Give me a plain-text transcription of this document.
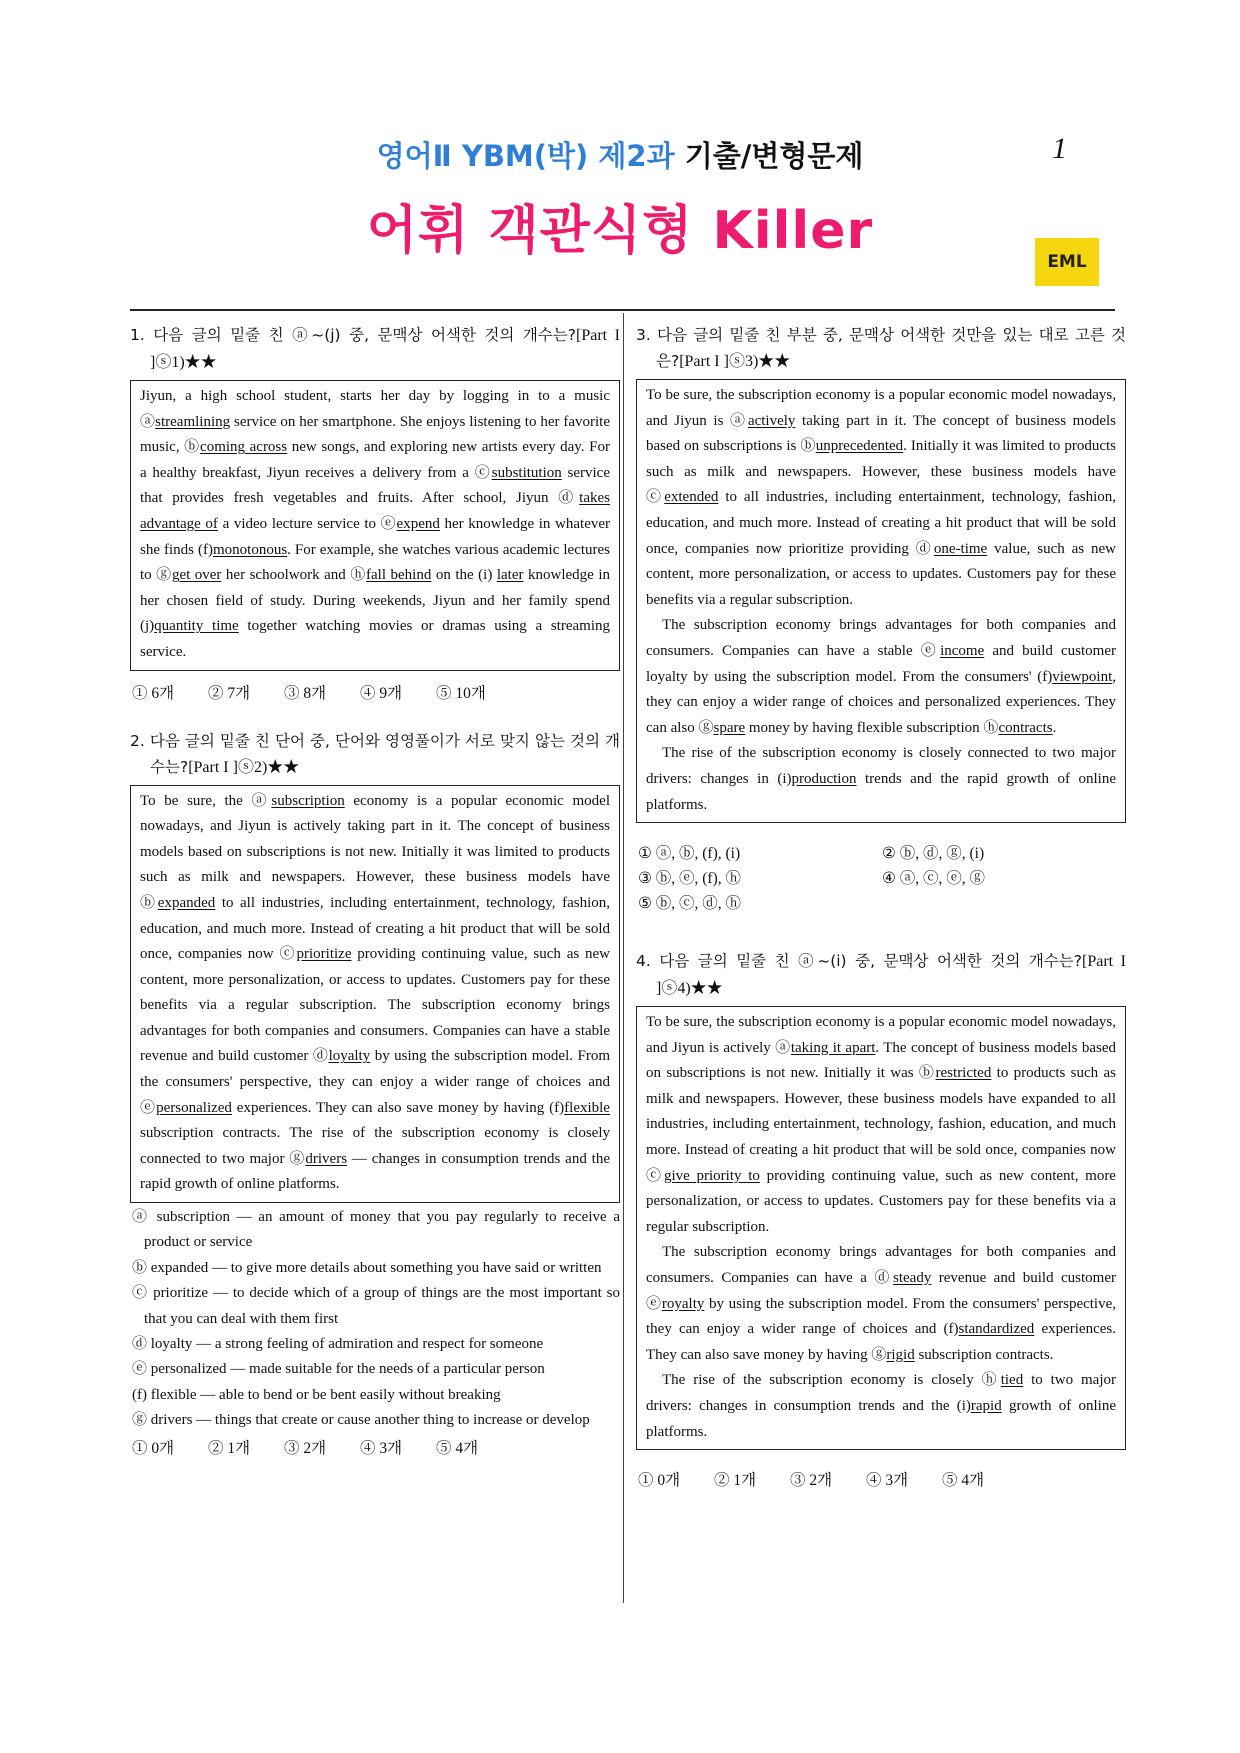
영어Ⅱ YBM(박) 제2과 기출/변형문제	1
어휘 객관식형 Killer
EML
1. 다음 글의 밑줄 친 ⓐ~(j) 중, 문맥상 어색한 것의 개수는?[Part I ]ⓢ1)★★

Jiyun, a high school student, starts her day by logging in to a music ⓐstreamlining service on her smartphone. She enjoys listening to her favorite music, ⓑcoming across new songs, and exploring new artists every day. For a healthy breakfast, Jiyun receives a delivery from a ⓒsubstitution service that provides fresh vegetables and fruits. After school, Jiyun ⓓtakes advantage of a video lecture service to ⓔexpend her knowledge in whatever she finds (f)monotonous. For example, she watches various academic lectures to ⓖget over her schoolwork and ⓗfall behind on the (i) later knowledge in her chosen field of study. During weekends, Jiyun and her family spend (j)quantity time together watching movies or dramas using a streaming service.

① 6개 ② 7개 ③ 8개 ④ 9개 ⑤ 10개
2. 다음 글의 밑줄 친 단어 중, 단어와 영영풀이가 서로 맞지 않는 것의 개수는?[Part I ]ⓢ2)★★

To be sure, the ⓐsubscription economy is a popular economic model nowadays, and Jiyun is actively taking part in it. The concept of business models based on subscriptions is not new. Initially it was limited to products such as milk and newspapers. However, these business models have ⓑexpanded to all industries, including entertainment, technology, fashion, education, and much more. Instead of creating a hit product that will be sold once, companies now ⓒprioritize providing continuing value, such as new content, more personalization, or access to updates. Customers pay for these benefits via a regular subscription. The subscription economy brings advantages for both companies and consumers. Companies can have a stable revenue and build customer ⓓloyalty by using the subscription model. From the consumers' perspective, they can enjoy a wider range of choices and ⓔpersonalized experiences. They can also save money by having (f)flexible subscription contracts. The rise of the subscription economy is closely connected to two major ⓖdrivers — changes in consumption trends and the rapid growth of online platforms.

ⓐ subscription — an amount of money that you pay regularly to receive a product or service
ⓑ expanded — to give more details about something you have said or written
ⓒ prioritize — to decide which of a group of things are the most important so that you can deal with them first
ⓓ loyalty — a strong feeling of admiration and respect for someone
ⓔ personalized — made suitable for the needs of a particular person
(f) flexible — able to bend or be bent easily without breaking
ⓖ drivers — things that create or cause another thing to increase or develop
① 0개 ② 1개 ③ 2개 ④ 3개 ⑤ 4개
3. 다음 글의 밑줄 친 부분 중, 문맥상 어색한 것만을 있는 대로 고른 것은?[Part I ]ⓢ3)★★

To be sure, the subscription economy is a popular economic model nowadays, and Jiyun is ⓐactively taking part in it. The concept of business models based on subscriptions is ⓑunprecedented. Initially it was limited to products such as milk and newspapers. However, these business models have ⓒextended to all industries, including entertainment, technology, fashion, education, and much more. Instead of creating a hit product that will be sold once, companies now prioritize providing ⓓone-time value, such as new content, more personalization, or access to updates. Customers pay for these benefits via a regular subscription.

The subscription economy brings advantages for both companies and consumers. Companies can have a stable ⓔincome and build customer loyalty by using the subscription model. From the consumers' (f)viewpoint, they can enjoy a wider range of choices and personalized experiences. They can also ⓖspare money by having flexible subscription ⓗcontracts.

The rise of the subscription economy is closely connected to two major drivers: changes in (i)production trends and the rapid growth of online platforms.

① ⓐ, ⓑ, (f), (i)	② ⓑ, ⓓ, ⓖ, (i)
③ ⓑ, ⓔ, (f), ⓗ	④ ⓐ, ⓒ, ⓔ, ⓖ
⑤ ⓑ, ⓒ, ⓓ, ⓗ
4. 다음 글의 밑줄 친 ⓐ~(i) 중, 문맥상 어색한 것의 개수는?[Part I ]ⓢ4)★★

To be sure, the subscription economy is a popular economic model nowadays, and Jiyun is actively ⓐtaking it apart. The concept of business models based on subscriptions is not new. Initially it was ⓑrestricted to products such as milk and newspapers. However, these business models have expanded to all industries, including entertainment, technology, fashion, education, and much more. Instead of creating a hit product that will be sold once, companies now ⓒgive priority to providing continuing value, such as new content, more personalization, or access to updates. Customers pay for these benefits via a regular subscription.

The subscription economy brings advantages for both companies and consumers. Companies can have a ⓓsteady revenue and build customer ⓔroyalty by using the subscription model. From the consumers' perspective, they can enjoy a wider range of choices and (f)standardized experiences. They can also save money by having ⓖrigid subscription contracts.

The rise of the subscription economy is closely ⓗtied to two major drivers: changes in consumption trends and the (i)rapid growth of online platforms.

① 0개 ② 1개 ③ 2개 ④ 3개 ⑤ 4개
